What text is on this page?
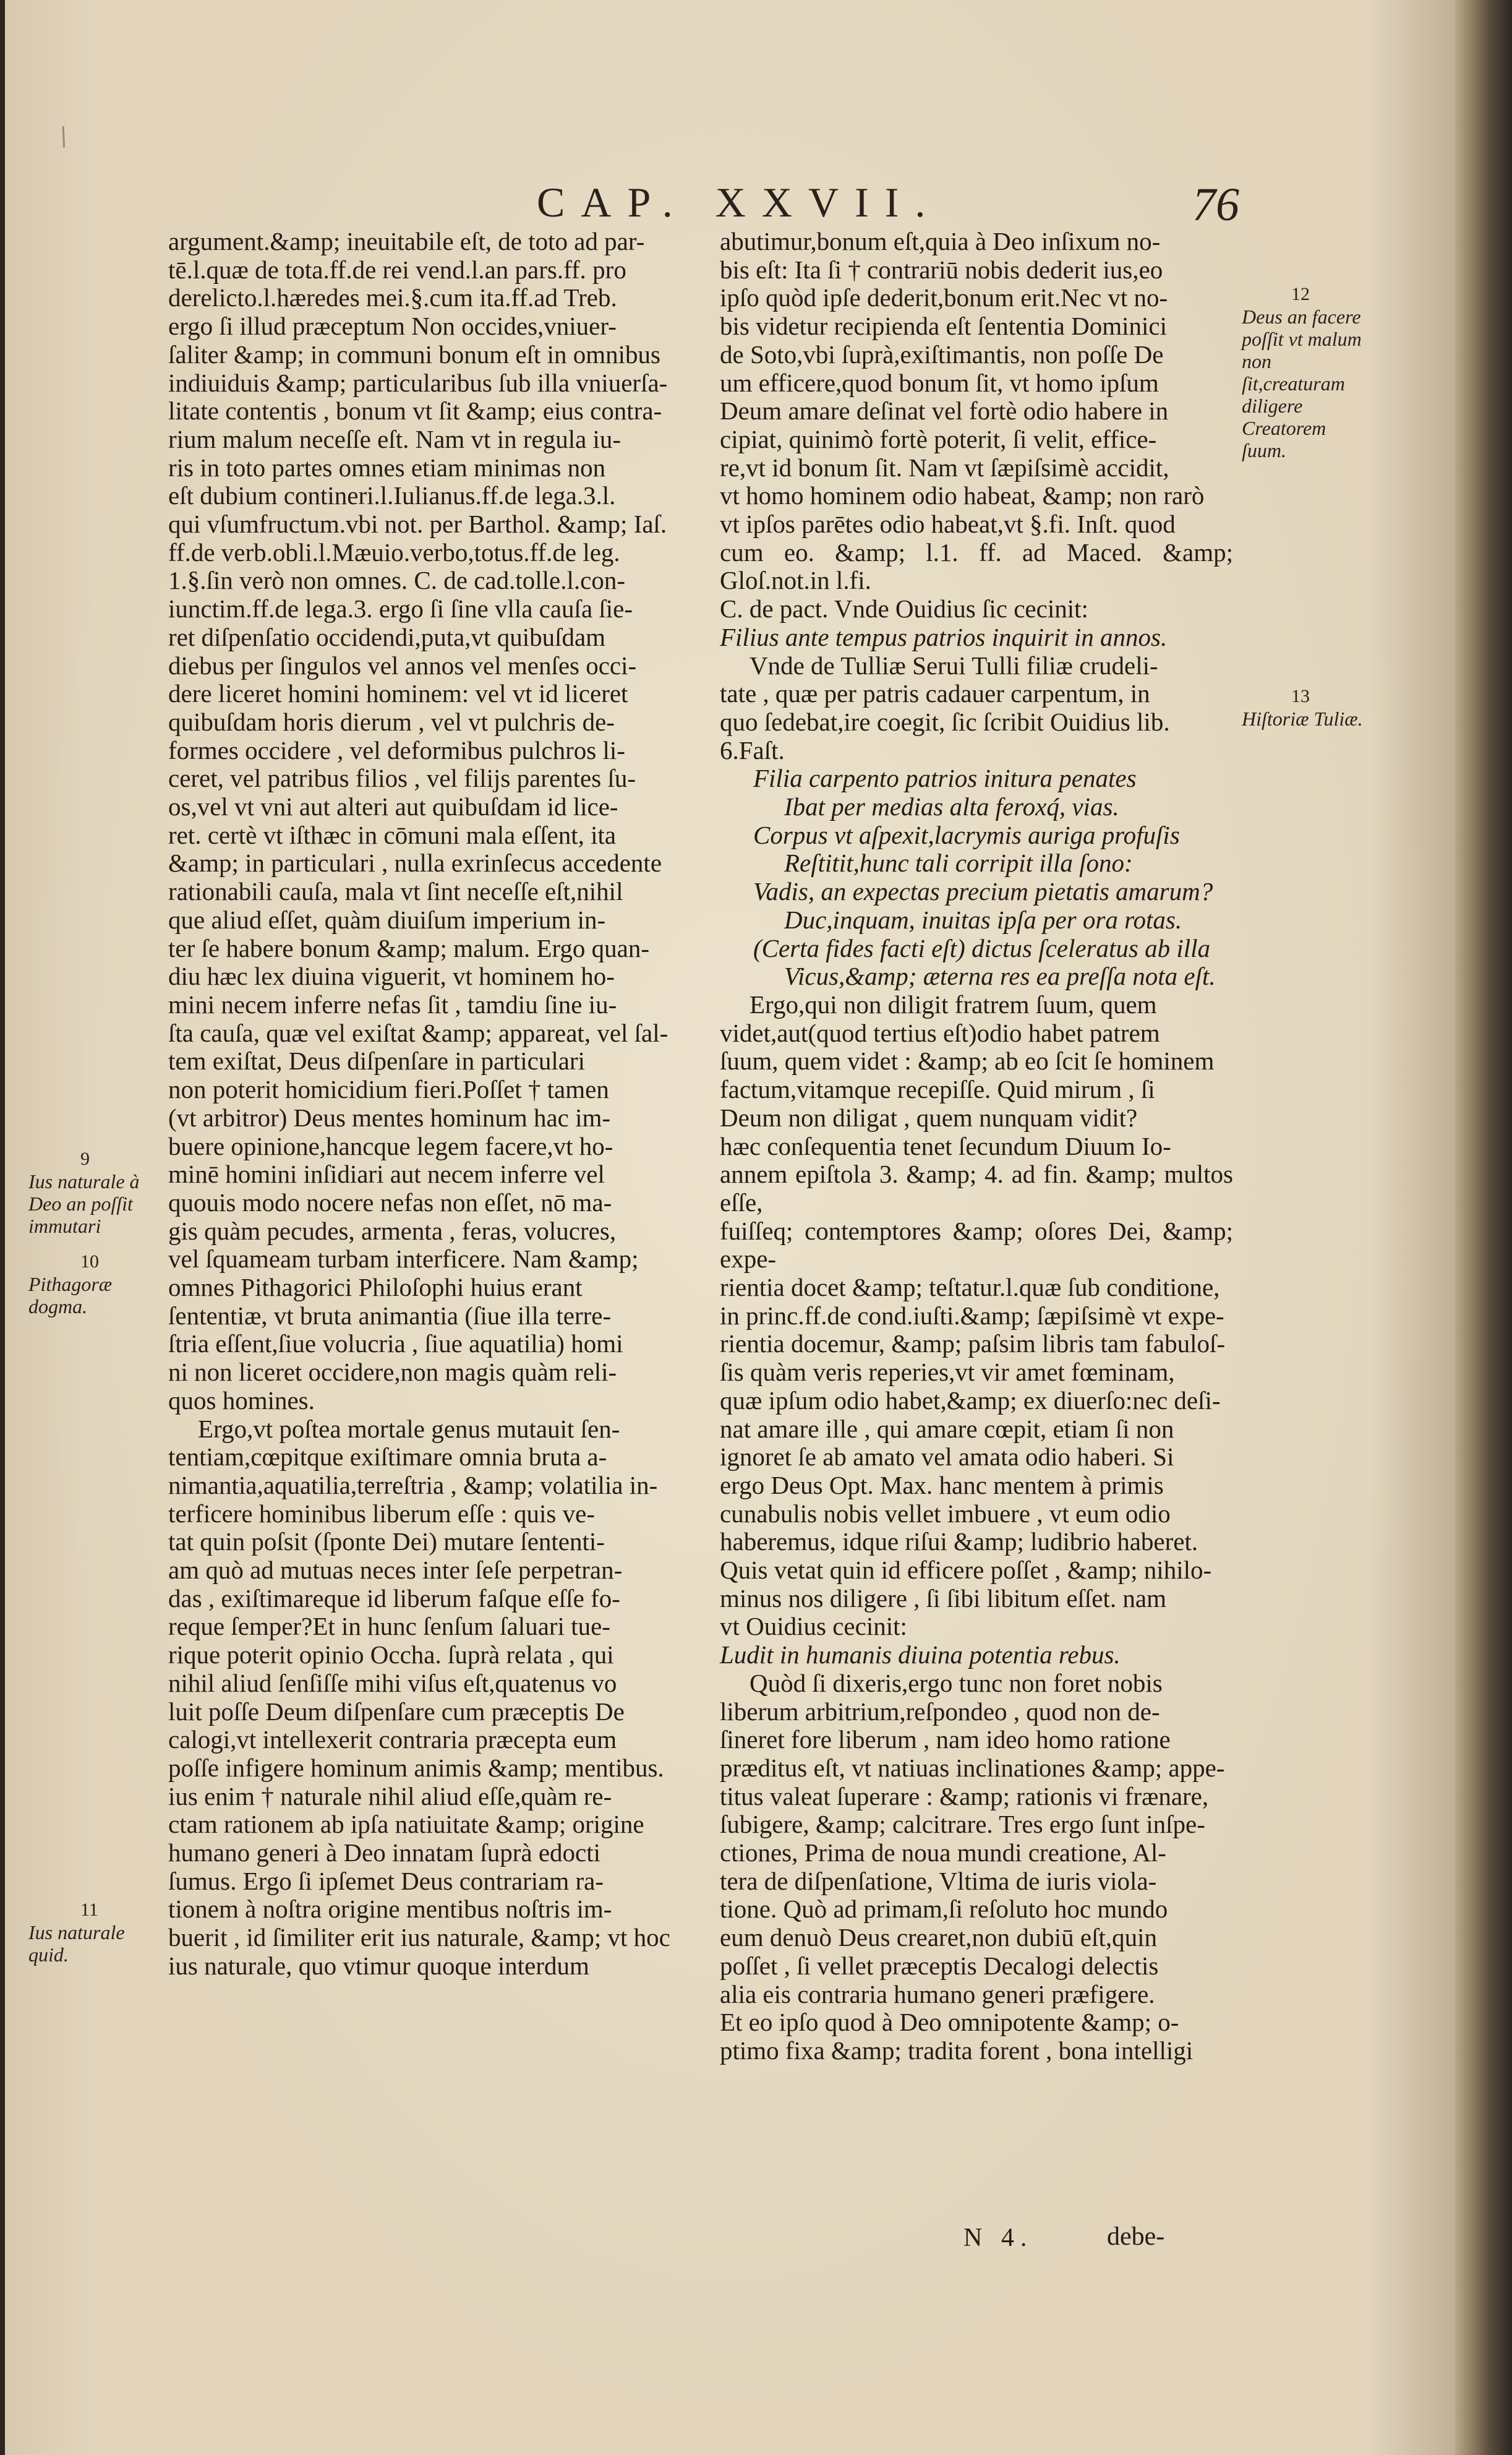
/
CAP. XXVII.	76

argument.&amp; ineuitabile eſt, de toto ad par-

tē.l.quæ de tota.ff.de rei vend.l.an pars.ff. pro

derelicto.l.hæredes mei.§.cum ita.ff.ad Treb.

ergo ſi illud præceptum Non occides,vniuer-

ſaliter &amp; in communi bonum eſt in omnibus

indiuiduis &amp; particularibus ſub illa vniuerſa-

litate contentis , bonum vt ſit &amp; eius contra-

rium malum neceſſe eſt. Nam vt in regula iu-

ris in toto partes omnes etiam minimas non

eſt dubium contineri.l.Iulianus.ff.de lega.3.l.

qui vſumfructum.vbi not. per Barthol. &amp; Iaſ.

ff.de verb.obli.l.Mæuio.verbo,totus.ff.de leg.

1.§.ſin verò non omnes. C. de cad.tolle.l.con-

iunctim.ff.de lega.3. ergo ſi ſine vlla cauſa ſie-

ret diſpenſatio occidendi,puta,vt quibuſdam

diebus per ſingulos vel annos vel menſes occi-

dere liceret homini hominem: vel vt id liceret

quibuſdam horis dierum , vel vt pulchris de-

formes occidere , vel deformibus pulchros li-

ceret, vel patribus filios , vel filijs parentes ſu-

os,vel vt vni aut alteri aut quibuſdam id lice-

ret. certè vt iſthæc in cōmuni mala eſſent, ita

&amp; in particulari , nulla exrinſecus accedente

rationabili cauſa, mala vt ſint neceſſe eſt,nihil

que aliud eſſet, quàm diuiſum imperium in-

ter ſe habere bonum &amp; malum. Ergo quan-

diu hæc lex diuina viguerit, vt hominem ho-

mini necem inferre nefas ſit , tamdiu ſine iu-

ſta cauſa, quæ vel exiſtat &amp; appareat, vel ſal-

tem exiſtat, Deus diſpenſare in particulari

non poterit homicidium fieri.Poſſet † tamen

(vt arbitror) Deus mentes hominum hac im-

buere opinione,hancque legem facere,vt ho-

minē homini inſidiari aut necem inferre vel

quouis modo nocere nefas non eſſet, nō ma-

gis quàm pecudes, armenta , feras, volucres,

vel ſquameam turbam interficere. Nam &amp;

omnes Pithagorici Philoſophi huius erant

ſententiæ, vt bruta animantia (ſiue illa terre-

ſtria eſſent,ſiue volucria , ſiue aquatilia) homi

ni non liceret occidere,non magis quàm reli-

quos homines.

Ergo,vt poſtea mortale genus mutauit ſen-

tentiam,cœpitque exiſtimare omnia bruta a-

nimantia,aquatilia,terreſtria , &amp; volatilia in-

terficere hominibus liberum eſſe : quis ve-

tat quin poſsit (ſponte Dei) mutare ſententi-

am quò ad mutuas neces inter ſeſe perpetran-

das , exiſtimareque id liberum faſque eſſe fo-

reque ſemper?Et in hunc ſenſum ſaluari tue-

rique poterit opinio Occha. ſuprà relata , qui

nihil aliud ſenſiſſe mihi viſus eſt,quatenus vo

luit poſſe Deum diſpenſare cum præceptis De

calogi,vt intellexerit contraria præcepta eum

poſſe infigere hominum animis &amp; mentibus.

ius enim † naturale nihil aliud eſſe,quàm re-

ctam rationem ab ipſa natiuitate &amp; origine

humano generi à Deo innatam ſuprà edocti

ſumus. Ergo ſi ipſemet Deus contrariam ra-

tionem à noſtra origine mentibus noſtris im-

buerit , id ſimiliter erit ius naturale, &amp; vt hoc

ius naturale, quo vtimur quoque interdum

abutimur,bonum eſt,quia à Deo inſixum no-

bis eſt: Ita ſi † contrariū nobis dederit ius,eo

ipſo quòd ipſe dederit,bonum erit.Nec vt no-

bis videtur recipienda eſt ſententia Dominici

de Soto,vbi ſuprà,exiſtimantis, non poſſe De

um efficere,quod bonum ſit, vt homo ipſum

Deum amare deſinat vel fortè odio habere in

cipiat, quinimò fortè poterit, ſi velit, effice-

re,vt id bonum ſit. Nam vt ſæpiſsimè accidit,

vt homo hominem odio habeat, &amp; non rarò

vt ipſos parētes odio habeat,vt §.fi. Inſt. quod

cum eo. &amp; l.1. ff. ad Maced. &amp; Gloſ.not.in l.fi.

C. de pact. Vnde Ouidius ſic cecinit:

Filius ante tempus patrios inquirit in annos.

Vnde de Tulliæ Serui Tulli filiæ crudeli-

tate , quæ per patris cadauer carpentum, in

quo ſedebat,ire coegit, ſic ſcribit Ouidius lib.

6.Faſt.

Filia carpento patrios initura penates

Ibat per medias alta feroxq́, vias.

Corpus vt aſpexit,lacrymis auriga profuſis

Reſtitit,hunc tali corripit illa ſono:

Vadis, an expectas precium pietatis amarum?

Duc,inquam, inuitas ipſa per ora rotas.

(Certa fides facti eſt) dictus ſceleratus ab illa

Vicus,&amp; æterna res ea preſſa nota eſt.

Ergo,qui non diligit fratrem ſuum, quem

videt,aut(quod tertius eſt)odio habet patrem

ſuum, quem videt : &amp; ab eo ſcit ſe hominem

factum,vitamque recepiſſe. Quid mirum , ſi

Deum non diligat , quem nunquam vidit?

hæc conſequentia tenet ſecundum Diuum Io-

annem epiſtola 3. &amp; 4. ad fin. &amp; multos eſſe,

fuiſſeq; contemptores &amp; oſores Dei, &amp; expe-

rientia docet &amp; teſtatur.l.quæ ſub conditione,

in princ.ff.de cond.iuſti.&amp; ſæpiſsimè vt expe-

rientia docemur, &amp; paſsim libris tam fabuloſ-

ſis quàm veris reperies,vt vir amet fœminam,

quæ ipſum odio habet,&amp; ex diuerſo:nec deſi-

nat amare ille , qui amare cœpit, etiam ſi non

ignoret ſe ab amato vel amata odio haberi. Si

ergo Deus Opt. Max. hanc mentem à primis

cunabulis nobis vellet imbuere , vt eum odio

haberemus, idque riſui &amp; ludibrio haberet.

Quis vetat quin id efficere poſſet , &amp; nihilo-

minus nos diligere , ſi ſibi libitum eſſet. nam

vt Ouidius cecinit:

Ludit in humanis diuina potentia rebus.

Quòd ſi dixeris,ergo tunc non foret nobis

liberum arbitrium,reſpondeo , quod non de-

ſineret fore liberum , nam ideo homo ratione

præditus eſt, vt natiuas inclinationes &amp; appe-

titus valeat ſuperare : &amp; rationis vi frænare,

ſubigere, &amp; calcitrare. Tres ergo ſunt inſpe-

ctiones, Prima de noua mundi creatione, Al-

tera de diſpenſatione, Vltima de iuris viola-

tione. Quò ad primam,ſi reſoluto hoc mundo

eum denuò Deus crearet,non dubiū eſt,quin

poſſet , ſi vellet præceptis Decalogi delectis

alia eis contraria humano generi præfigere.

Et eo ipſo quod à Deo omnipotente &amp; o-

ptimo fixa &amp; tradita forent , bona intelligi

9
Ius naturale à Deo an poſſit immutari
10
Pithagoræ dogma.
11
Ius naturale quid.
12
Deus an facere poſſit vt malum non ſit,creaturam diligere Creatorem ſuum.
13
Hiſtoriæ Tuliæ.
N 4.	debe-
